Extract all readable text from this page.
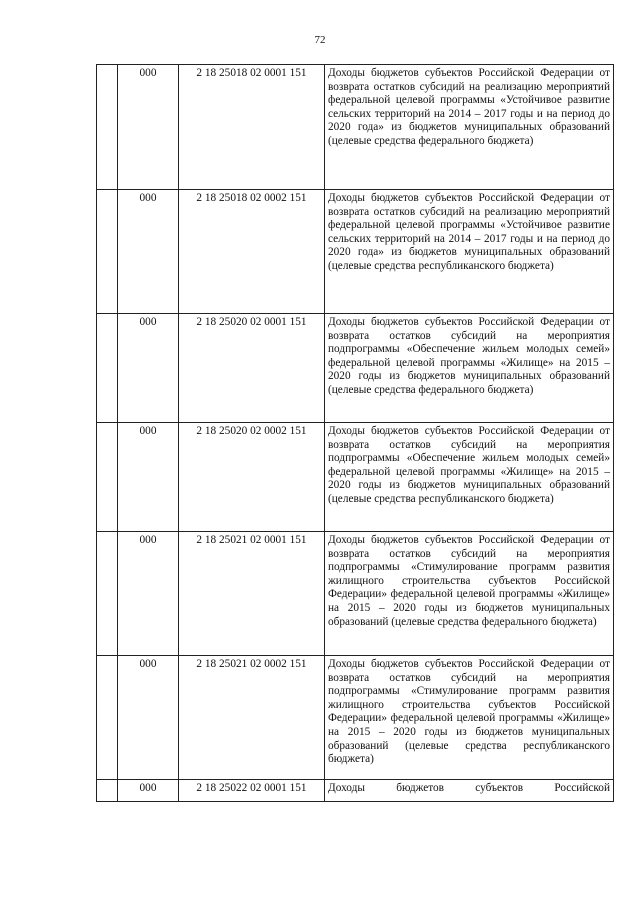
72
	000	2 18 25018 02 0001 151	Доходы бюджетов субъектов Российской Федерации от возврата остатков субсидий на реализацию мероприятий федеральной целевой программы «Устойчивое развитие сельских территорий на 2014 – 2017 годы и на период до 2020 года» из бюджетов муниципальных образований (целевые средства федерального бюджета)
	000	2 18 25018 02 0002 151	Доходы бюджетов субъектов Российской Федерации от возврата остатков субсидий на реализацию мероприятий федеральной целевой программы «Устойчивое развитие сельских территорий на 2014 – 2017 годы и на период до 2020 года» из бюджетов муниципальных образований (целевые средства республиканского бюджета)
	000	2 18 25020 02 0001 151	Доходы бюджетов субъектов Российской Федерации от возврата остатков субсидий на мероприятия подпрограммы «Обеспечение жильем молодых семей» федеральной целевой программы «Жилище» на 2015 – 2020 годы из бюджетов муниципальных образований (целевые средства федерального бюджета)
	000	2 18 25020 02 0002 151	Доходы бюджетов субъектов Российской Федерации от возврата остатков субсидий на мероприятия подпрограммы «Обеспечение жильем молодых семей» федеральной целевой программы «Жилище» на 2015 – 2020 годы из бюджетов муниципальных образований (целевые средства республиканского бюджета)
	000	2 18 25021 02 0001 151	Доходы бюджетов субъектов Российской Федерации от возврата остатков субсидий на мероприятия подпрограммы «Стимулирование программ развития жилищного строительства субъектов Российской Федерации» федеральной целевой программы «Жилище» на 2015 – 2020 годы из бюджетов муниципальных образований (целевые средства федерального бюджета)
	000	2 18 25021 02 0002 151	Доходы бюджетов субъектов Российской Федерации от возврата остатков субсидий на мероприятия подпрограммы «Стимулирование программ развития жилищного строительства субъектов Российской Федерации» федеральной целевой программы «Жилище» на 2015 – 2020 годы из бюджетов муниципальных образований (целевые средства республиканского бюджета)
	000	2 18 25022 02 0001 151	Доходы бюджетов субъектов Российской
